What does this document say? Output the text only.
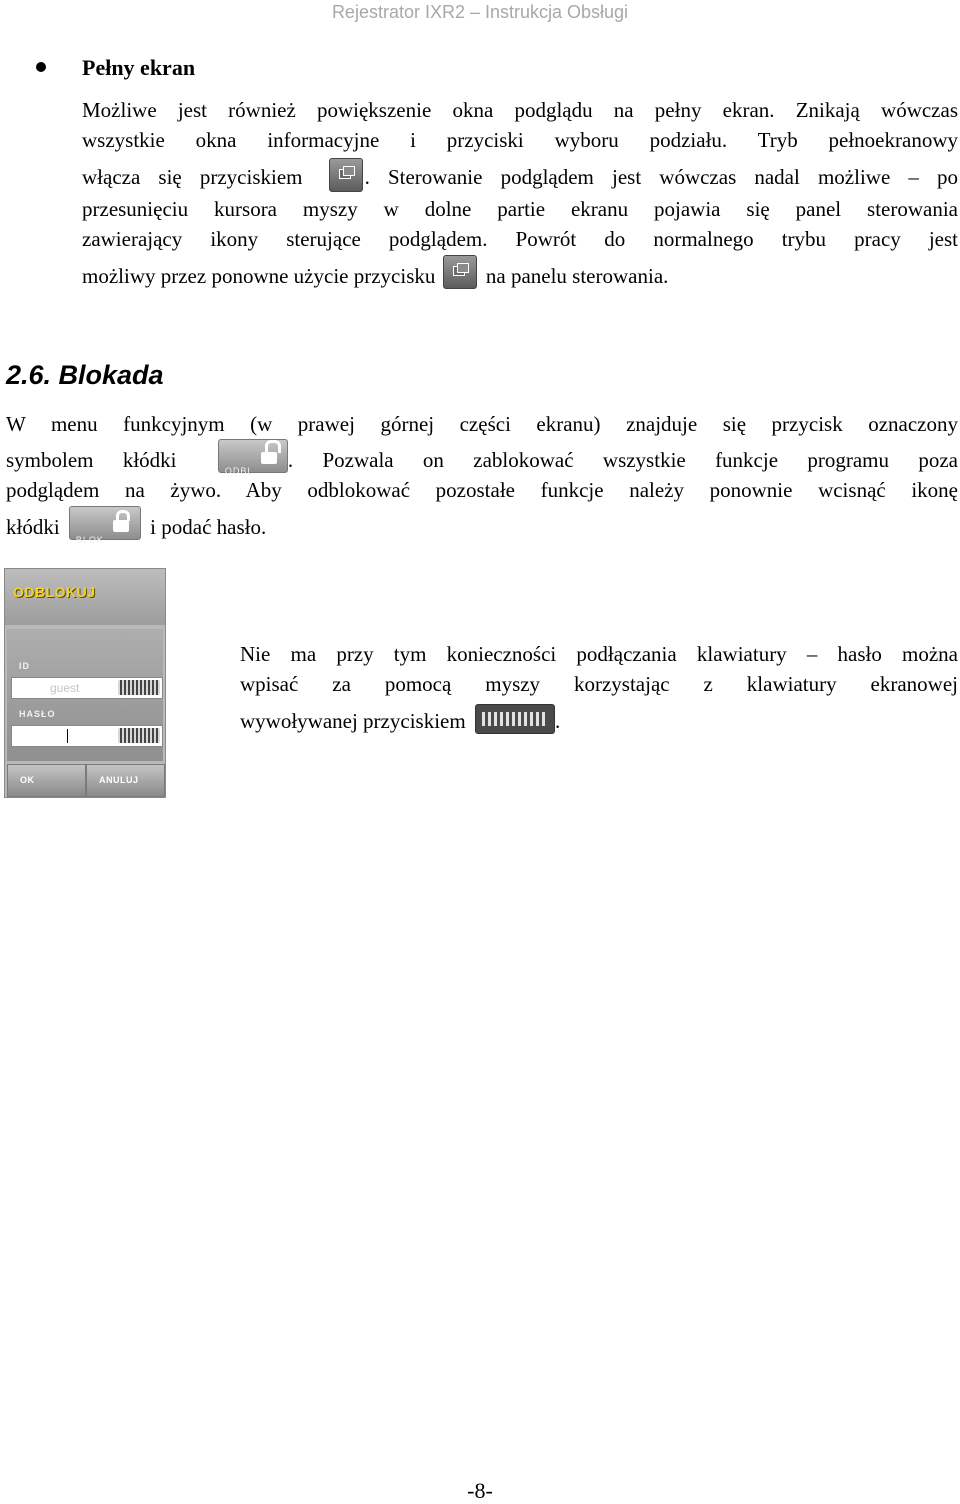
Rejestrator IXR2 – Instrukcja Obsługi
Pełny ekran
Możliwe jest również powiększenie okna podglądu na pełny ekran. Znikają wówczas
wszystkie okna informacyjne i przyciski wyboru podziału. Tryb pełnoekranowy
włącza się przyciskiem	. Sterowanie podglądem jest wówczas nadal możliwe – po
przesunięciu kursora myszy w dolne partie ekranu pojawia się panel sterowania
zawierający ikony sterujące podglądem. Powrót do normalnego trybu pracy jest
możliwy przez ponowne użycie przycisku na panelu sterowania.
2.6. Blokada
W menu funkcyjnym (w prawej górnej części ekranu) znajduje się przycisk oznaczony
symbolem kłódki	ODBL. . Pozwala on zablokować wszystkie funkcje programu poza
podglądem na żywo. Aby odblokować pozostałe funkcje należy ponownie wcisnąć ikonę
kłódki
BLOK.
i podać hasło.
ODBLOKUJ
ID
guest
HASŁO
OK	ANULUJ
Nie ma przy tym konieczności podłączania klawiatury – hasło można
wpisać za pomocą myszy korzystając z klawiatury ekranowej
wywoływanej przyciskiem	.
-8-
